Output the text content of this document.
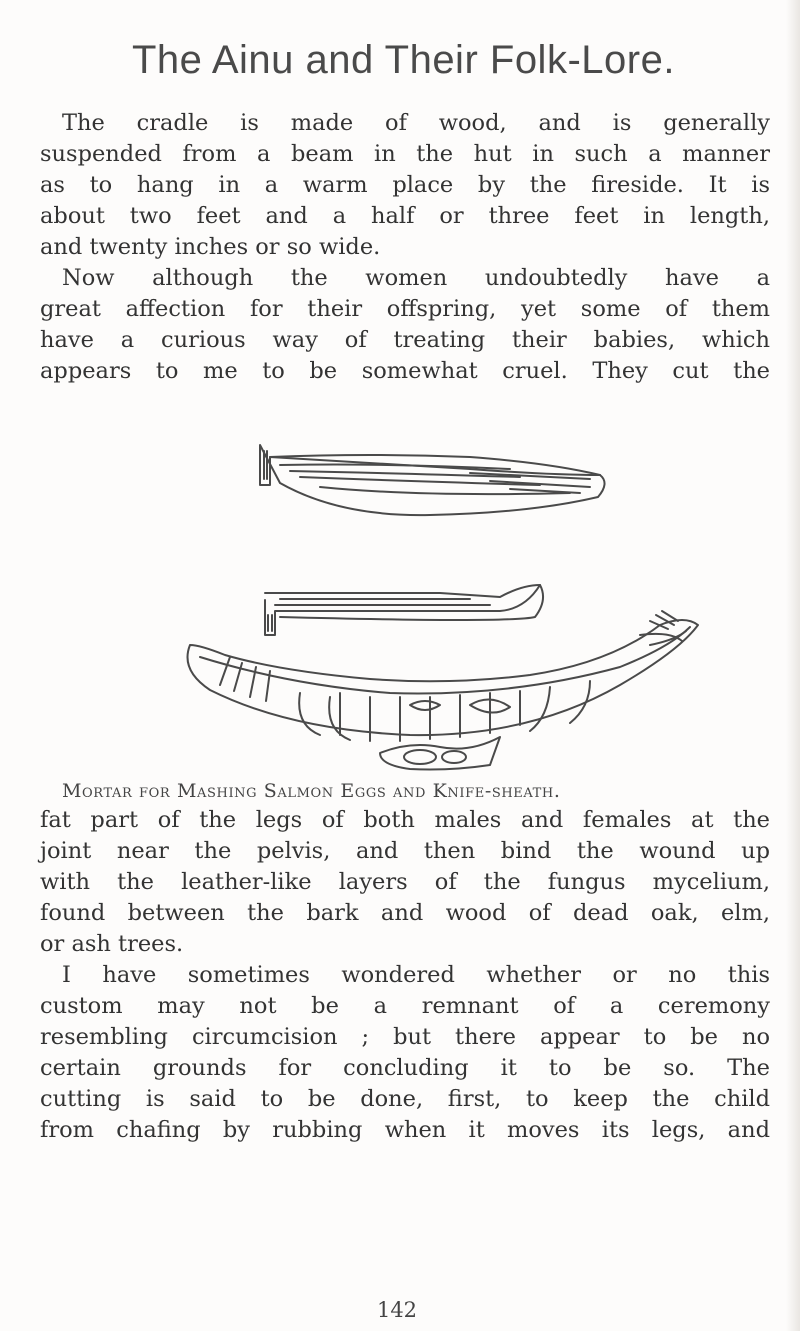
The Ainu and Their Folk-Lore.

The cradle is made of wood, and is generally
suspended from a beam in the hut in such a manner
as to hang in a warm place by the fireside. It is
about two feet and a half or three feet in length,
and twenty inches or so wide.

Now although the women undoubtedly have a
great affection for their offspring, yet some of them
have a curious way of treating their babies, which
appears to me to be somewhat cruel. They cut the

Mortar for Mashing Salmon Eggs and Knife-sheath.

fat part of the legs of both males and females at the
joint near the pelvis, and then bind the wound up
with the leather-like layers of the fungus mycelium,
found between the bark and wood of dead oak, elm,
or ash trees.

I have sometimes wondered whether or no this
custom may not be a remnant of a ceremony
resembling circumcision ; but there appear to be no
certain grounds for concluding it to be so. The
cutting is said to be done, first, to keep the child
from chafing by rubbing when it moves its legs, and

142
